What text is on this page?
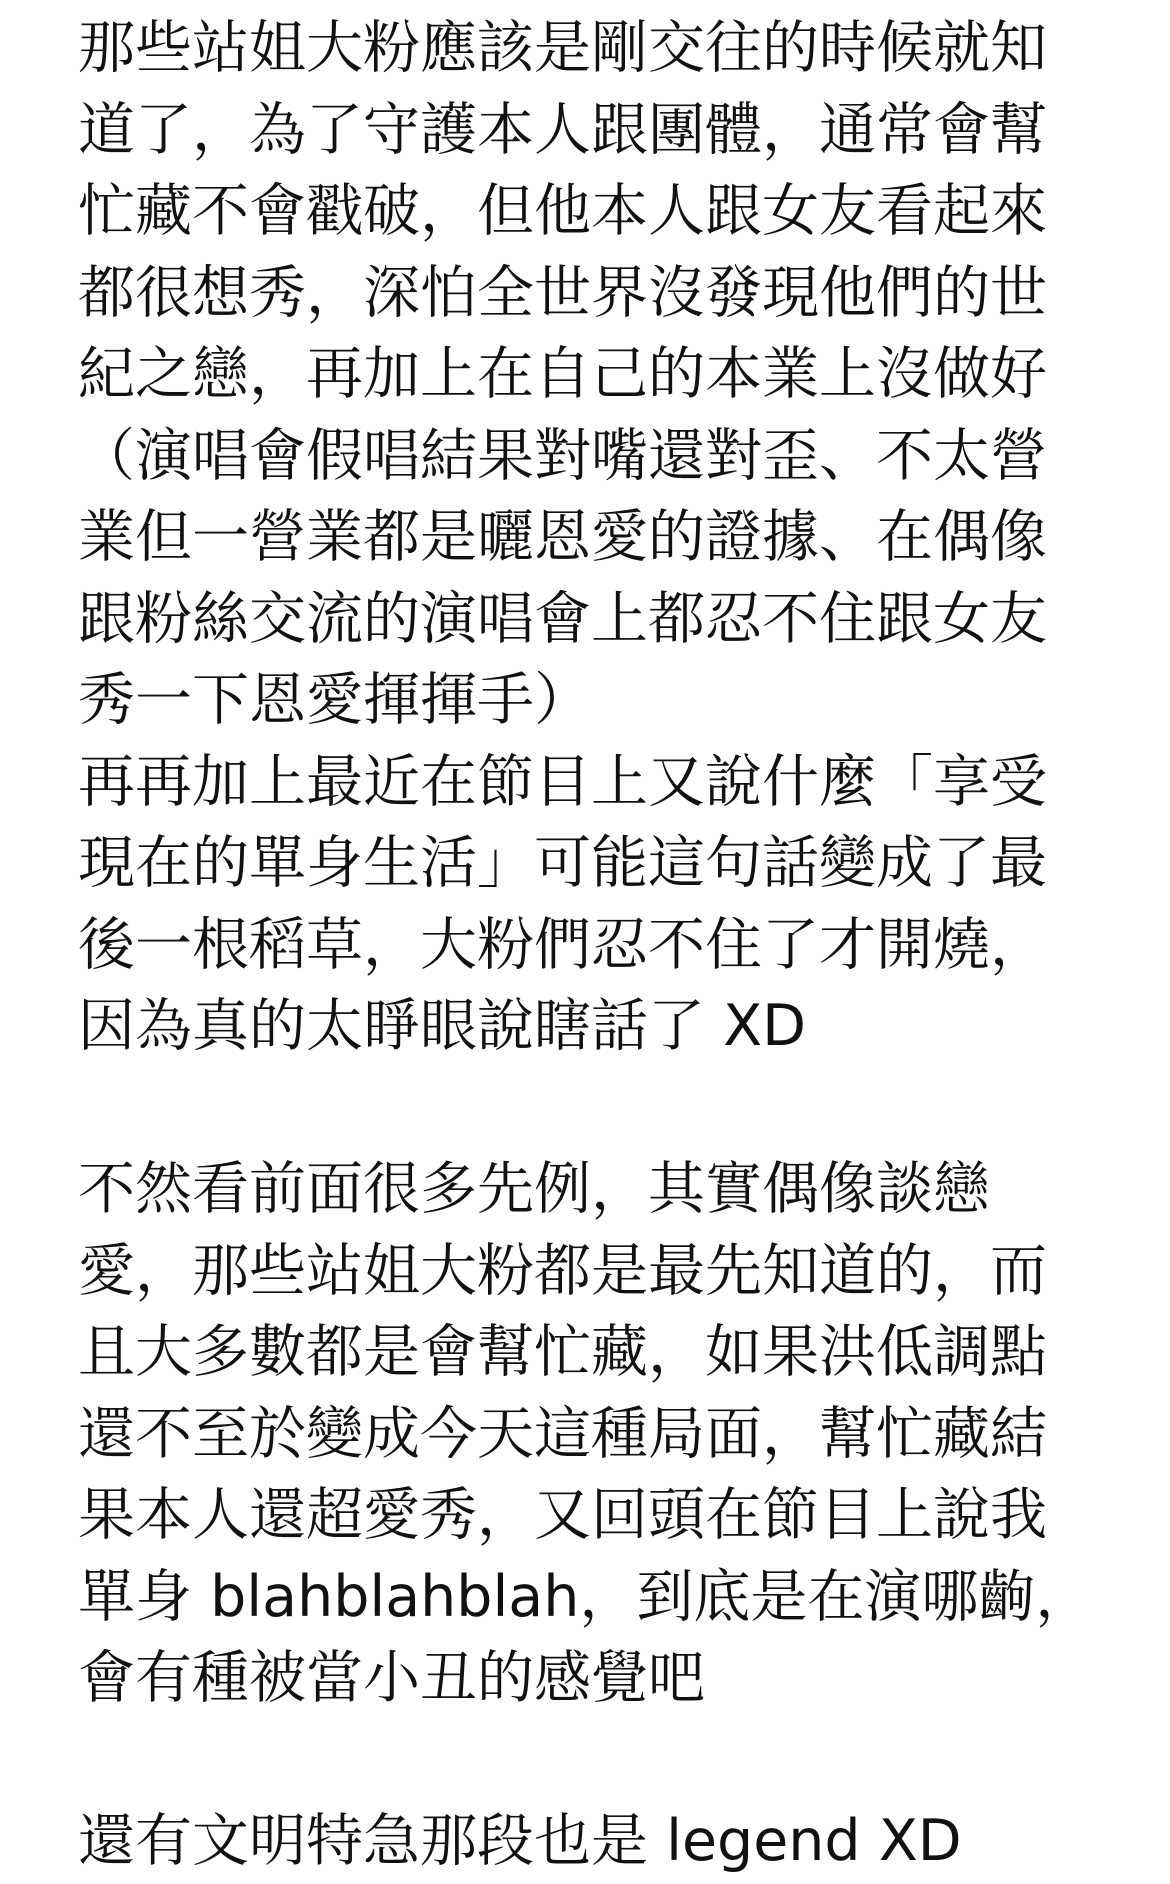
那些站姐大粉應該是剛交往的時候就知
道了，為了守護本人跟團體，通常會幫
忙藏不會戳破，但他本人跟女友看起來
都很想秀，深怕全世界沒發現他們的世
紀之戀，再加上在自己的本業上沒做好
（演唱會假唱結果對嘴還對歪、不太營
業但一營業都是曬恩愛的證據、在偶像
跟粉絲交流的演唱會上都忍不住跟女友
秀一下恩愛揮揮手）
再再加上最近在節目上又說什麼「享受
現在的單身生活」可能這句話變成了最
後一根稻草，大粉們忍不住了才開燒，
因為真的太睜眼說瞎話了 XD
不然看前面很多先例，其實偶像談戀
愛，那些站姐大粉都是最先知道的，而
且大多數都是會幫忙藏，如果洪低調點
還不至於變成今天這種局面，幫忙藏結
果本人還超愛秀，又回頭在節目上說我
單身 blahblahblah，到底是在演哪齣，
會有種被當小丑的感覺吧
還有文明特急那段也是 legend XD
